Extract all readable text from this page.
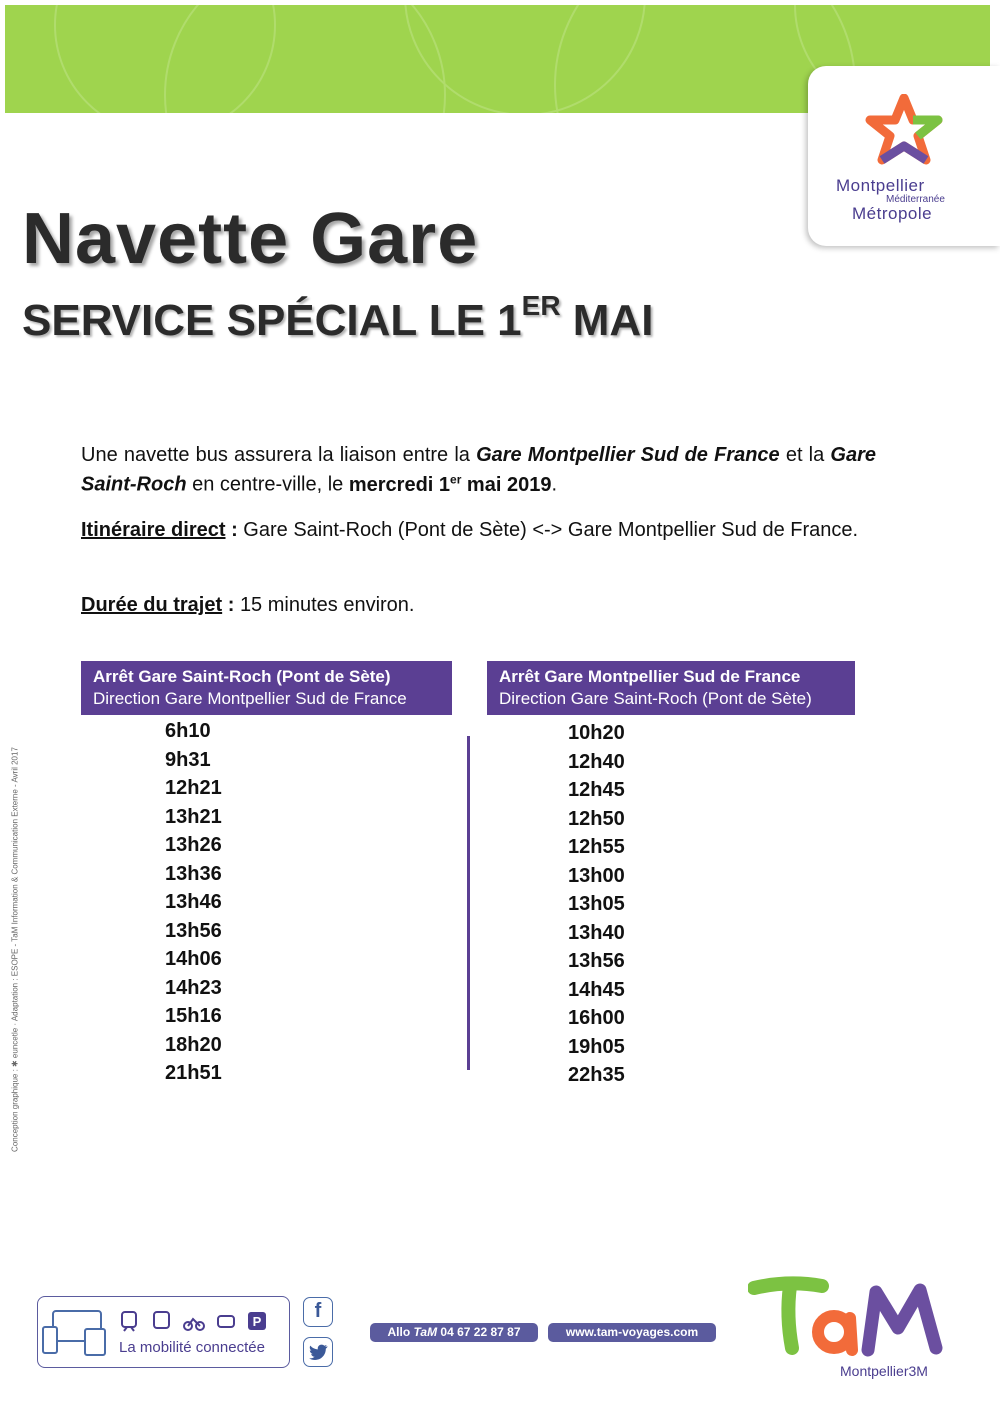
Montpellier
Méditerranée
Métropole
Navette Gare
SERVICE SPÉCIAL LE 1ER MAI

Une navette bus assurera la liaison entre la Gare Montpellier Sud de France et la Gare Saint-Roch en centre-ville, le mercredi 1er mai 2019.

Itinéraire direct : Gare Saint-Roch (Pont de Sète) <-> Gare Montpellier Sud de France.

Durée du trajet : 15 minutes environ.

Arrêt Gare Saint-Roch (Pont de Sète)
Direction Gare Montpellier Sud de France
Arrêt Gare Montpellier Sud de France
Direction Gare Saint-Roch (Pont de Sète)
6h10
9h31
12h21
13h21
13h26
13h36
13h46
13h56
14h06
14h23
15h16
18h20
21h51
10h20
12h40
12h45
12h50
12h55
13h00
13h05
13h40
13h56
14h45
16h00
19h05
22h35
Conception graphique : ✱ euncetle · Adaptation : ESOPE - TaM Information & Communication Externe - Avril 2017
P
La mobilité connectée
f
Allo TaM 04 67 22 87 87	www.tam-voyages.com
Montpellier3M
